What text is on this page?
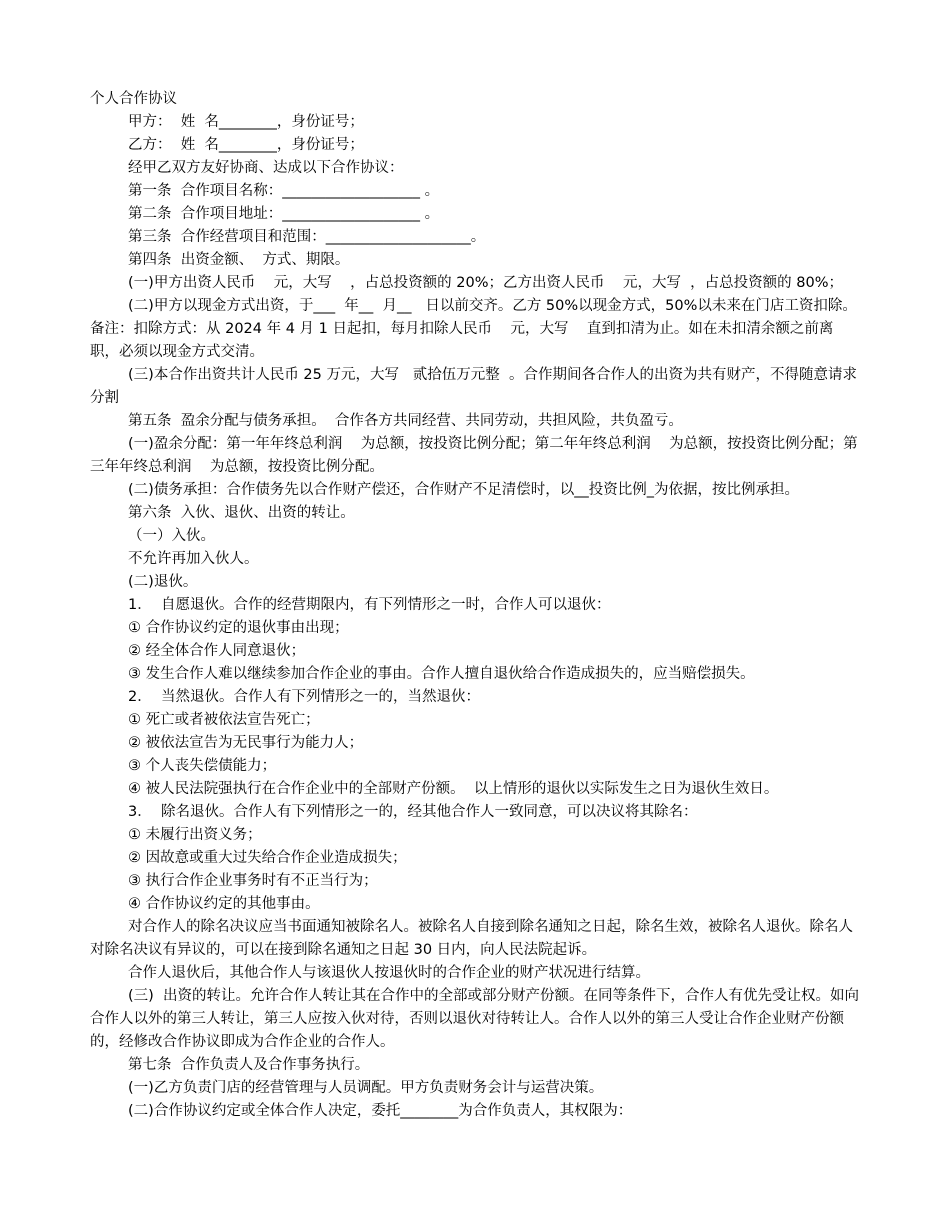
个人合作协议

甲方：  姓  名________，身份证号；

乙方：  姓  名________，身份证号；

经甲乙双方友好协商、达成以下合作协议：

第一条  合作项目名称：___________________ 。

第二条  合作项目地址：___________________ 。

第三条  合作经营项目和范围：____________________。

第四条  出资金额、  方式、期限。

(一)甲方出资人民币    元，大写    ，占总投资额的 20%；乙方出资人民币    元，大写  ，占总投资额的 80%；

(二)甲方以现金方式出资，于___  年__  月__   日以前交齐。乙方 50%以现金方式，50%以未来在门店工资扣除。备注：扣除方式：从 2024 年 4 月 1 日起扣，每月扣除人民币    元，大写    直到扣清为止。如在未扣清余额之前离职，必须以现金方式交清。

(三)本合作出资共计人民币 25 万元，大写   贰拾伍万元整  。合作期间各合作人的出资为共有财产，不得随意请求分割

第五条  盈余分配与债务承担。  合作各方共同经营、共同劳动，共担风险，共负盈亏。

(一)盈余分配：第一年年终总利润    为总额，按投资比例分配；第二年年终总利润    为总额，按投资比例分配；第三年年终总利润    为总额，按投资比例分配。

(二)债务承担：合作债务先以合作财产偿还，合作财产不足清偿时，以__投资比例_为依据，按比例承担。

第六条  入伙、退伙、出资的转让。

（一）入伙。

不允许再加入伙人。

(二)退伙。

1．  自愿退伙。合作的经营期限内，有下列情形之一时，合作人可以退伙：

① 合作协议约定的退伙事由出现；

② 经全体合作人同意退伙；

③ 发生合作人难以继续参加合作企业的事由。合作人擅自退伙给合作造成损失的，应当赔偿损失。

2．  当然退伙。合作人有下列情形之一的，当然退伙：

① 死亡或者被依法宣告死亡；

② 被依法宣告为无民事行为能力人；

③ 个人丧失偿债能力；

④ 被人民法院强执行在合作企业中的全部财产份额。  以上情形的退伙以实际发生之日为退伙生效日。

3．  除名退伙。合作人有下列情形之一的，经其他合作人一致同意，可以决议将其除名：

① 未履行出资义务；

② 因故意或重大过失给合作企业造成损失；

③ 执行合作企业事务时有不正当行为；

④ 合作协议约定的其他事由。

对合作人的除名决议应当书面通知被除名人。被除名人自接到除名通知之日起，除名生效，被除名人退伙。除名人对除名决议有异议的，可以在接到除名通知之日起 30 日内，向人民法院起诉。

合作人退伙后，其他合作人与该退伙人按退伙时的合作企业的财产状况进行结算。

(三)  出资的转让。允许合作人转让其在合作中的全部或部分财产份额。在同等条件下，合作人有优先受让权。如向合作人以外的第三人转让，第三人应按入伙对待，否则以退伙对待转让人。合作人以外的第三人受让合作企业财产份额的，经修改合作协议即成为合作企业的合作人。

第七条  合作负责人及合作事务执行。

(一)乙方负责门店的经营管理与人员调配。甲方负责财务会计与运营决策。

(二)合作协议约定或全体合作人决定，委托________为合作负责人，其权限为：
